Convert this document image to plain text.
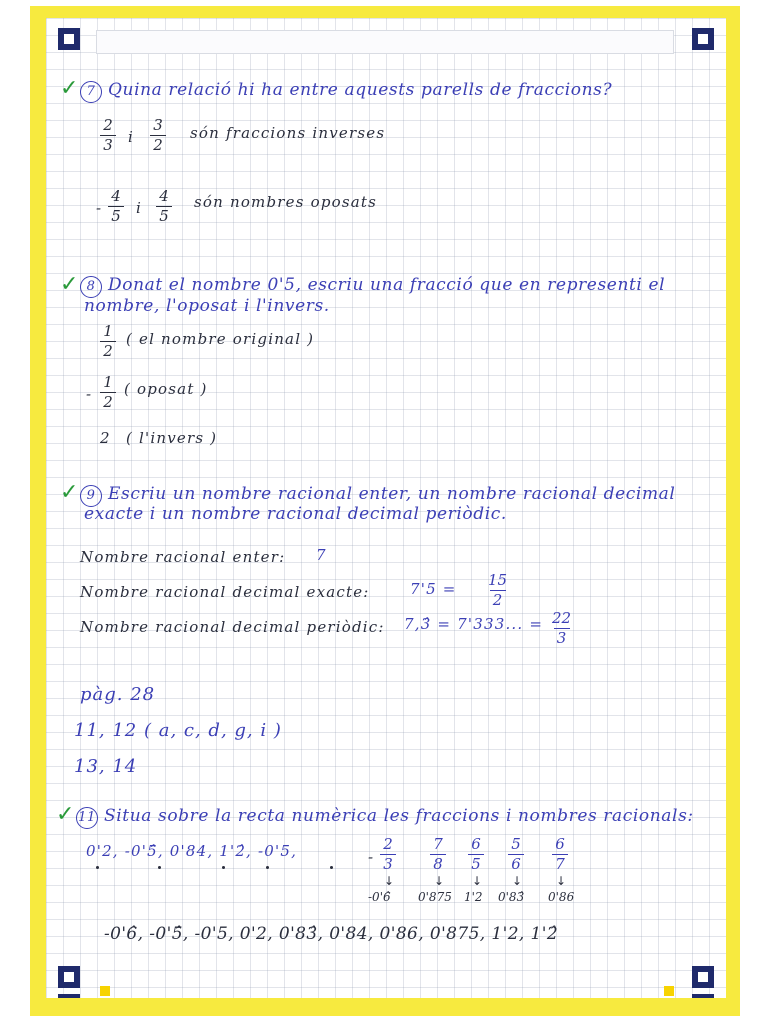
✓ 7 Quina relació hi ha entre aquests parells de fraccions?
2
3 i
3
2
són fraccions inverses
-
4
5 i
4
5
són nombres oposats
✓ 8 Donat el nombre 0'5, escriu una fracció que en representi el
nombre, l'oposat i l'invers.
1
2
( el nombre original )
-
1
2
( oposat )
2 ( l'invers )
✓ 9 Escriu un nombre racional enter, un nombre racional decimal
exacte i un nombre racional decimal periòdic.
Nombre racional enter: 7
Nombre racional decimal exacte:	7'5 = 15
2
Nombre racional decimal periòdic: 7,3̂ = 7'333... = 22
3
pàg. 28
11, 12 ( a, c, d, g, i )
13, 14
✓ 11 Situa sobre la recta numèrica les fraccions i nombres racionals:
0'2, -0'5̂, 0'84, 1'2̂, -0'5,	-
2
3
↓
-0'6̂
7
8
↓
0'875
6
5
↓
1'2
5
6
↓
0'83̂
6
7
↓
0'86
-0'6̂, -0'5̂, -0'5, 0'2, 0'83̂, 0'84, 0'86, 0'875, 1'2, 1'2̂
